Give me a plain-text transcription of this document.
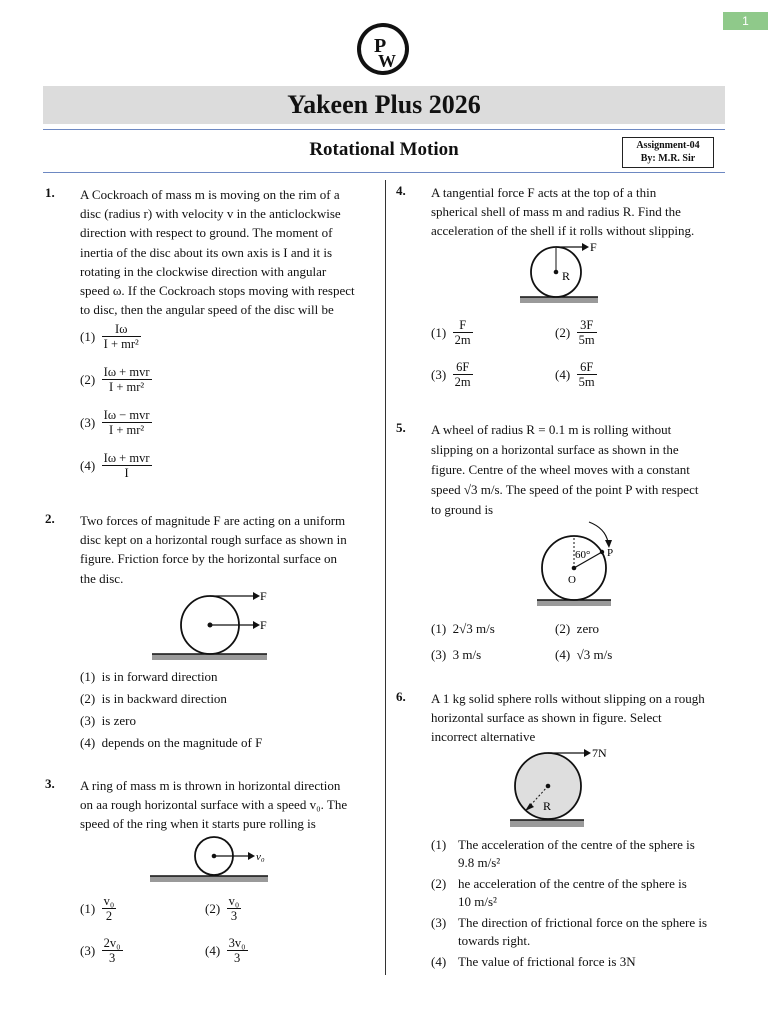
1
P
W
Yakeen Plus 2026
Rotational Motion	Assignment-04
By: M.R. Sir
1. A Cockroach of mass m is moving on the rim of a
disc (radius r) with velocity v in the anticlockwise
direction with respect to ground. The moment of
inertia of the disc about its own axis is I and it is
rotating in the clockwise direction with angular
speed ω. If the Cockroach stops moving with respect
to disc, then the angular speed of the disc will be
$(1) \frac{I\omega}{\text{I + mr²}}$
$(2) \frac{\text{Iω + mvr}}{\text{I + mr²}}$
$(3) \frac{\text{Iω − mvr}}{\text{I + mr²}}$
$(4) \frac{\text{Iω + mvr}}{I}$
2. Two forces of magnitude F are acting on a uniform
disc kept on a horizontal rough surface as shown in
figure. Friction force by the horizontal surface on
the disc.
F
F
(1) is in forward direction
(2) is in backward direction
(3) is zero
(4) depends on the magnitude of F
3. A ring of mass m is thrown in horizontal direction
on aa rough horizontal surface with a speed v₀. The
speed of the ring when it starts pure rolling is
v₀
$(1) \frac{\text{v₀}}{2}$	$(2) \frac{\text{v₀}}{3}$
$(3) \frac{\text{2v₀}}{3}$	$(4) \frac{\text{3v₀}}{3}$
4. A tangential force F acts at the top of a thin
spherical shell of mass m and radius R. Find the
acceleration of the shell if it rolls without slipping.
F
R
$(1) \frac{F}{2m}$	$(2) \frac{3F}{5m}$
$(3) \frac{6F}{2m}$	$(4) \frac{6F}{5m}$
5. A wheel of radius R = 0.1 m is rolling without
slipping on a horizontal surface as shown in the
figure. Centre of the wheel moves with a constant
speed √3 m/s. The speed of the point P with respect
to ground is
60° P
O
(1) 2√3 m/s	(2) zero
(3) 3 m/s	(4) √3 m/s
6. A 1 kg solid sphere rolls without slipping on a rough
horizontal surface as shown in figure. Select
incorrect alternative
7N
R
(1) The acceleration of the centre of the sphere is
9.8 m/s²
(2) he acceleration of the centre of the sphere is
10 m/s²
(3) The direction of frictional force on the sphere is
towards right.
(4) The value of frictional force is 3N
